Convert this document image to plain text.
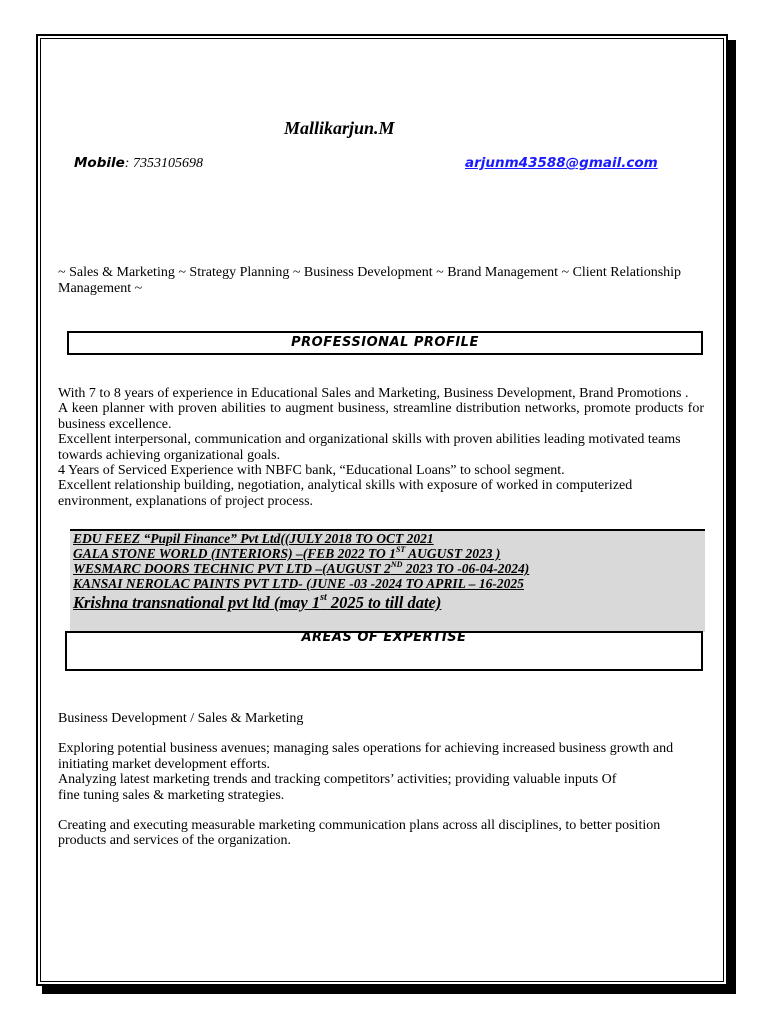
Mallikarjun.M
Mobile: 7353105698	arjunm43588@gmail.com
~ Sales & Marketing ~ Strategy Planning ~ Business Development ~ Brand Management ~ Client Relationship Management ~
PROFESSIONAL PROFILE

With 7 to 8 years of experience in Educational Sales and Marketing, Business Development, Brand Promotions .

A keen planner with proven abilities to augment business, streamline distribution networks, promote products for business excellence.

Excellent interpersonal, communication and organizational skills with proven abilities leading motivated teams towards achieving organizational goals.

4 Years of Serviced Experience with NBFC bank, “Educational Loans” to school segment.

Excellent relationship building, negotiation, analytical skills with exposure of worked in computerized environment, explanations of project process.

EDU FEEZ “Pupil Finance” Pvt Ltd((JULY 2018 TO OCT 2021
GALA STONE WORLD (INTERIORS) –(FEB 2022 TO 1ST AUGUST 2023 )
WESMARC DOORS TECHNIC PVT LTD –(AUGUST 2ND 2023 TO -06-04-2024)
KANSAI NEROLAC PAINTS PVT LTD- (JUNE -03 -2024 TO APRIL – 16-2025
Krishna transnational pvt ltd (may 1st 2025 to till date)
AREAS OF EXPERTISE

Business Development / Sales & Marketing

Exploring potential business avenues; managing sales operations for achieving increased business growth and initiating market development efforts.

Analyzing latest marketing trends and tracking competitors’ activities; providing valuable inputs Of

fine tuning sales & marketing strategies.

Creating and executing measurable marketing communication plans across all disciplines, to better position products and services of the organization.
